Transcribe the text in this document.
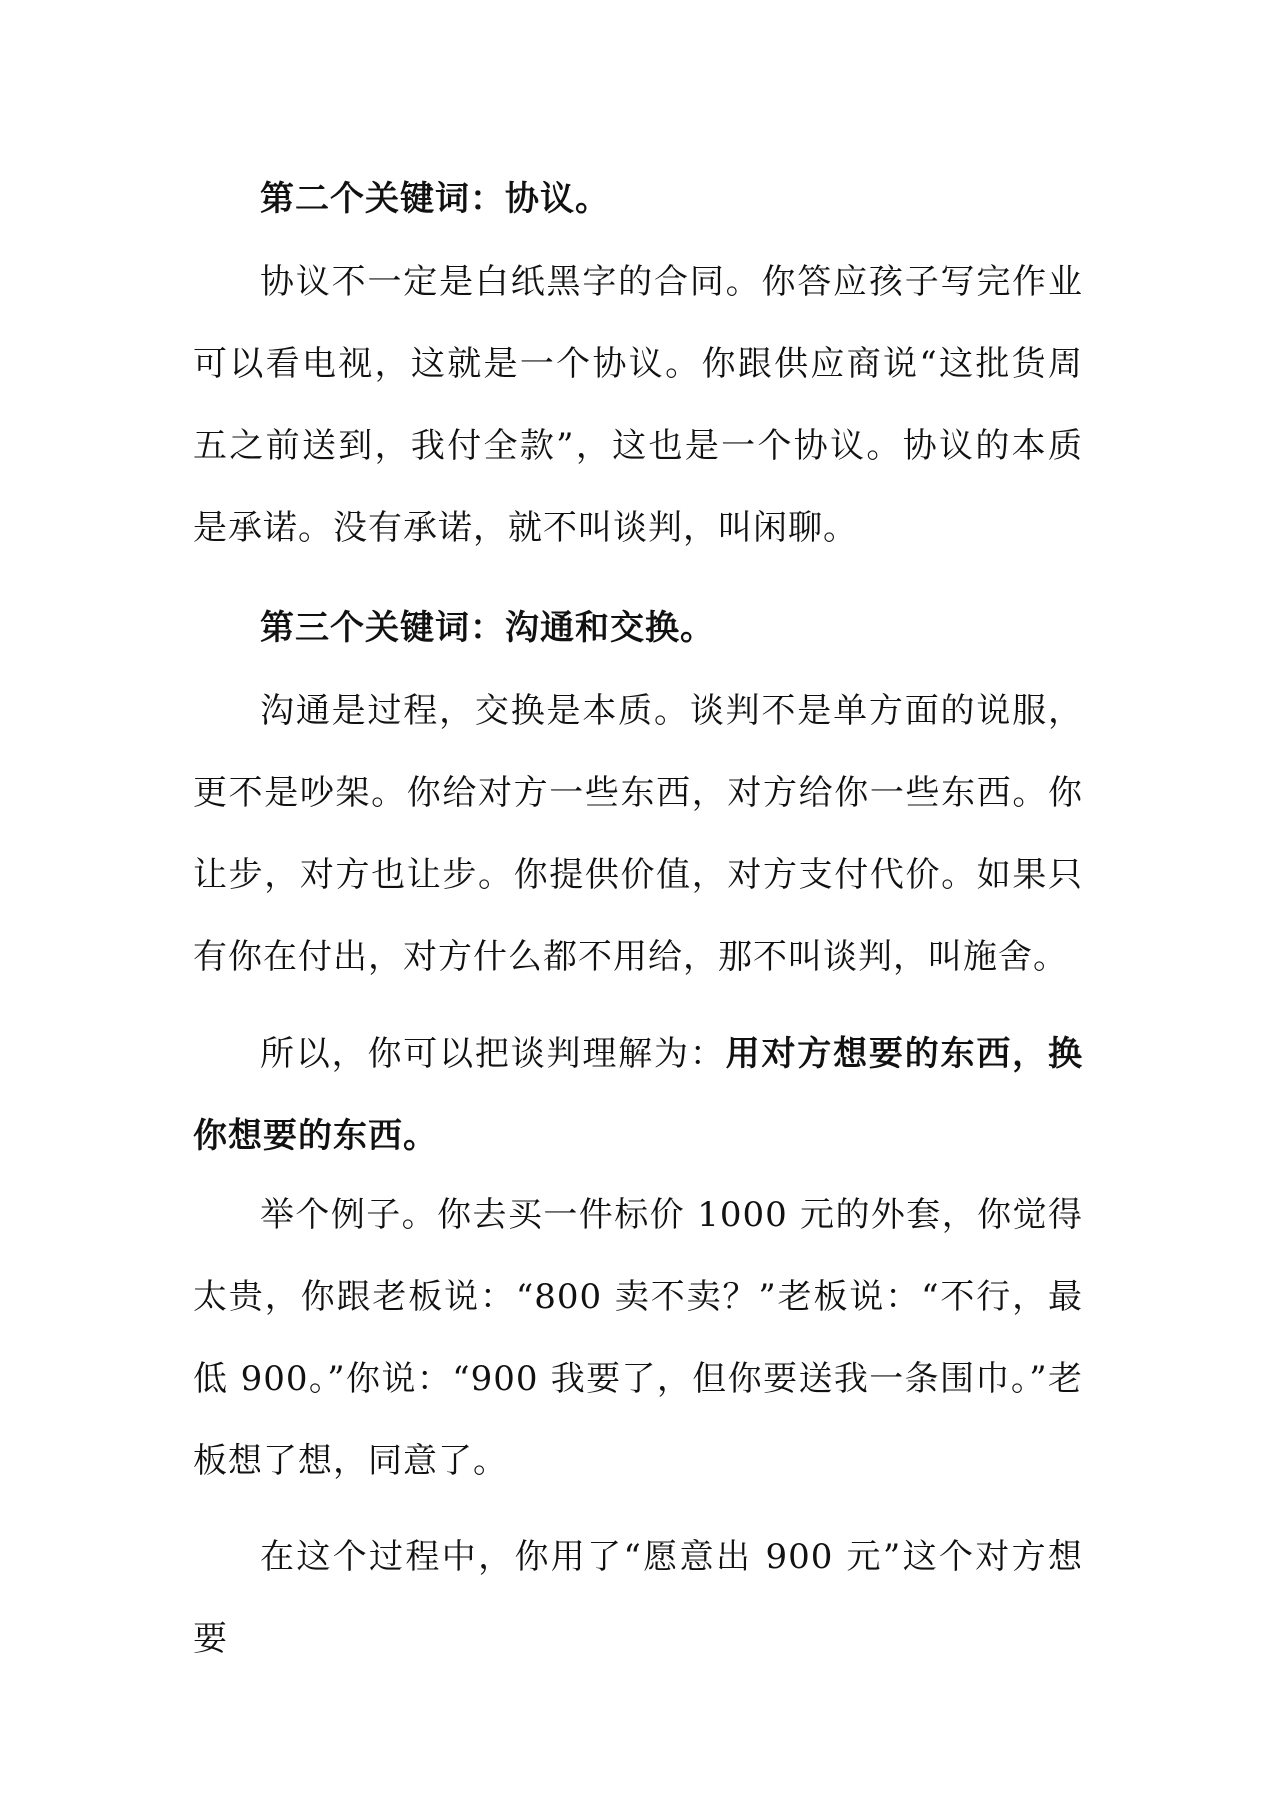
第二个关键词：协议。
协议不一定是白纸黑字的合同。你答应孩子写完作业可以看电视，这就是一个协议。你跟供应商说“这批货周五之前送到，我付全款”，这也是一个协议。协议的本质是承诺。没有承诺，就不叫谈判，叫闲聊。
第三个关键词：沟通和交换。
沟通是过程，交换是本质。谈判不是单方面的说服，更不是吵架。你给对方一些东西，对方给你一些东西。你让步，对方也让步。你提供价值，对方支付代价。如果只有你在付出，对方什么都不用给，那不叫谈判，叫施舍。
所以，你可以把谈判理解为：用对方想要的东西，换你想要的东西。
举个例子。你去买一件标价 1000 元的外套，你觉得太贵，你跟老板说：“800 卖不卖？”老板说：“不行，最低 900。”你说：“900 我要了，但你要送我一条围巾。”老板想了想，同意了。
在这个过程中，你用了“愿意出 900 元”这个对方想要
